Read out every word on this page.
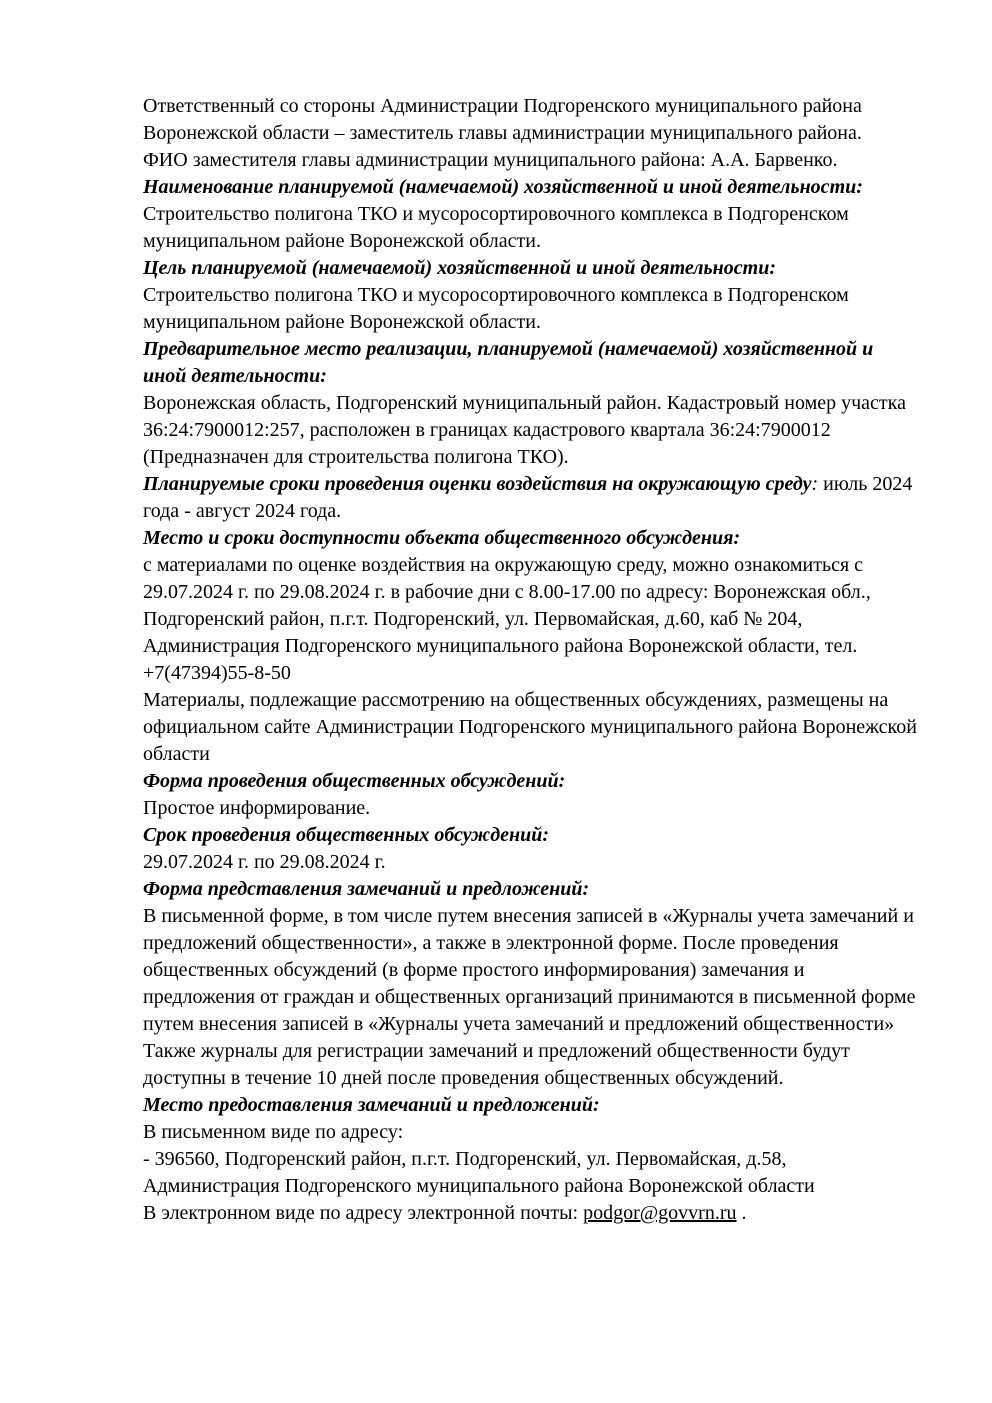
Ответственный со стороны Администрации Подгоренского муниципального района
Воронежской области – заместитель главы администрации муниципального района.
ФИО заместителя главы администрации муниципального района: А.А. Барвенко.
Наименование планируемой (намечаемой) хозяйственной и иной деятельности:
Строительство полигона ТКО и мусоросортировочного комплекса в Подгоренском
муниципальном районе Воронежской области.
Цель планируемой (намечаемой) хозяйственной и иной деятельности:
Строительство полигона ТКО и мусоросортировочного комплекса в Подгоренском
муниципальном районе Воронежской области.
Предварительное место реализации, планируемой (намечаемой) хозяйственной и
иной деятельности:
Воронежская область, Подгоренский муниципальный район. Кадастровый номер участка
36:24:7900012:257, расположен в границах кадастрового квартала 36:24:7900012
(Предназначен для строительства полигона ТКО).
Планируемые сроки проведения оценки воздействия на окружающую среду: июль 2024
года - август 2024 года.
Место и сроки доступности объекта общественного обсуждения:
с материалами по оценке воздействия на окружающую среду, можно ознакомиться с
29.07.2024 г. по 29.08.2024 г. в рабочие дни с 8.00-17.00 по адресу: Воронежская обл.,
Подгоренский район, п.г.т. Подгоренский, ул. Первомайская, д.60, каб № 204,
Администрация Подгоренского муниципального района Воронежской области, тел.
+7(47394)55-8-50
Материалы, подлежащие рассмотрению на общественных обсуждениях, размещены на
официальном сайте Администрации Подгоренского муниципального района Воронежской
области
Форма проведения общественных обсуждений:
Простое информирование.
Срок проведения общественных обсуждений:
29.07.2024 г. по 29.08.2024 г.
Форма представления замечаний и предложений:
В письменной форме, в том числе путем внесения записей в «Журналы учета замечаний и
предложений общественности», а также в электронной форме. После проведения
общественных обсуждений (в форме простого информирования) замечания и
предложения от граждан и общественных организаций принимаются в письменной форме
путем внесения записей в «Журналы учета замечаний и предложений общественности»
Также журналы для регистрации замечаний и предложений общественности будут
доступны в течение 10 дней после проведения общественных обсуждений.
Место предоставления замечаний и предложений:
В письменном виде по адресу:
- 396560, Подгоренский район, п.г.т. Подгоренский, ул. Первомайская, д.58,
Администрация Подгоренского муниципального района Воронежской области
В электронном виде по адресу электронной почты: podgor@govvrn.ru .
